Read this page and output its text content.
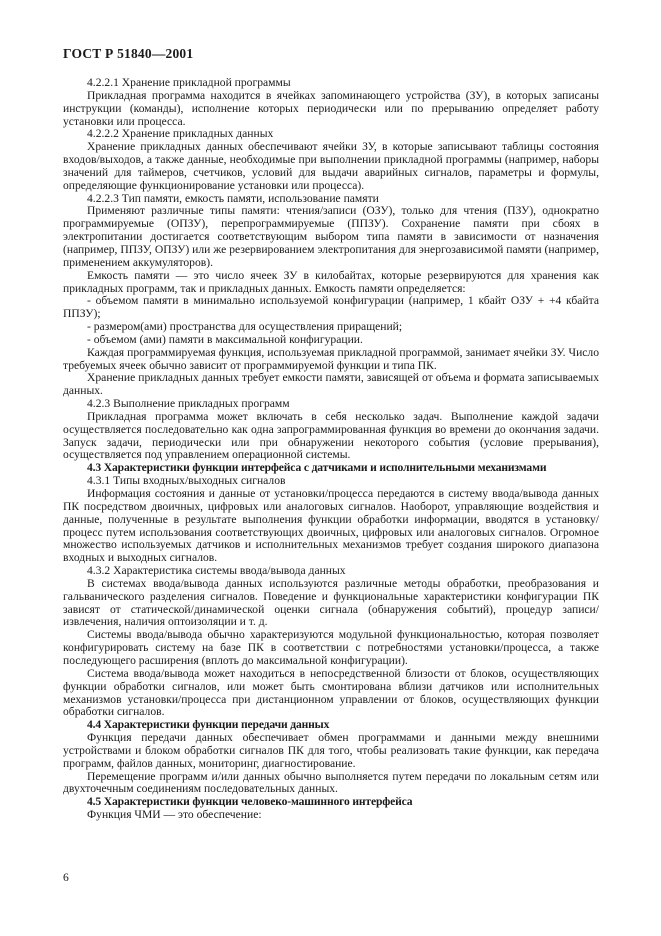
ГОСТ Р 51840—2001

4.2.2.1 Хранение прикладной программы

Прикладная программа находится в ячейках запоминающего устройства (ЗУ), в которых записаны инструкции (команды), исполнение которых периодически или по прерыванию определяет работу установки или процесса.

4.2.2.2 Хранение прикладных данных

Хранение прикладных данных обеспечивают ячейки ЗУ, в которые записывают таблицы состояния входов/выходов, а также данные, необходимые при выполнении прикладной программы (например, наборы значений для таймеров, счетчиков, условий для выдачи аварийных сигналов, параметры и формулы, определяющие функционирование установки или процесса).

4.2.2.3 Тип памяти, емкость памяти, использование памяти

Применяют различные типы памяти: чтения/записи (ОЗУ), только для чтения (ПЗУ), однократно программируемые (ОПЗУ), перепрограммируемые (ППЗУ). Сохранение памяти при сбоях в электропитании достигается соответствующим выбором типа памяти в зависимости от назначения (например, ППЗУ, ОПЗУ) или же резервированием электропитания для энергозависимой памяти (например, применением аккумуляторов).

Емкость памяти — это число ячеек ЗУ в килобайтах, которые резервируются для хранения как прикладных программ, так и прикладных данных. Емкость памяти определяется:

- объемом памяти в минимально используемой конфигурации (например, 1 кбайт ОЗУ + +4 кбайта ППЗУ);

- размером(ами) пространства для осуществления приращений;

- объемом (ами) памяти в максимальной конфигурации.

Каждая программируемая функция, используемая прикладной программой, занимает ячейки ЗУ. Число требуемых ячеек обычно зависит от программируемой функции и типа ПК.

Хранение прикладных данных требует емкости памяти, зависящей от объема и формата записываемых данных.

4.2.3 Выполнение прикладных программ

Прикладная программа может включать в себя несколько задач. Выполнение каждой задачи осуществляется последовательно как одна запрограммированная функция во времени до окончания задачи. Запуск задачи, периодически или при обнаружении некоторого события (условие прерывания), осуществляется под управлением операционной системы.

4.3 Характеристики функции интерфейса с датчиками и исполнительными механизмами

4.3.1 Типы входных/выходных сигналов

Информация состояния и данные от установки/процесса передаются в систему ввода/вывода данных ПК посредством двоичных, цифровых или аналоговых сигналов. Наоборот, управляющие воздействия и данные, полученные в результате выполнения функции обработки информации, вводятся в установку/процесс путем использования соответствующих двоичных, цифровых или аналоговых сигналов. Огромное множество используемых датчиков и исполнительных механизмов требует создания широкого диапазона входных и выходных сигналов.

4.3.2 Характеристика системы ввода/вывода данных

В системах ввода/вывода данных используются различные методы обработки, преобразования и гальванического разделения сигналов. Поведение и функциональные характеристики конфигурации ПК зависят от статической/динамической оценки сигнала (обнаружения событий), процедур записи/извлечения, наличия оптоизоляции и т. д.

Системы ввода/вывода обычно характеризуются модульной функциональностью, которая позволяет конфигурировать систему на базе ПК в соответствии с потребностями установки/процесса, а также последующего расширения (вплоть до максимальной конфигурации).

Система ввода/вывода может находиться в непосредственной близости от блоков, осуществляющих функции обработки сигналов, или может быть смонтирована вблизи датчиков или исполнительных механизмов установки/процесса при дистанционном управлении от блоков, осуществляющих функции обработки сигналов.

4.4 Характеристики функции передачи данных

Функция передачи данных обеспечивает обмен программами и данными между внешними устройствами и блоком обработки сигналов ПК для того, чтобы реализовать такие функции, как передача программ, файлов данных, мониторинг, диагностирование.

Перемещение программ и/или данных обычно выполняется путем передачи по локальным сетям или двухточечным соединениям последовательных данных.

4.5 Характеристики функции человеко-машинного интерфейса

Функция ЧМИ — это обеспечение:

6
